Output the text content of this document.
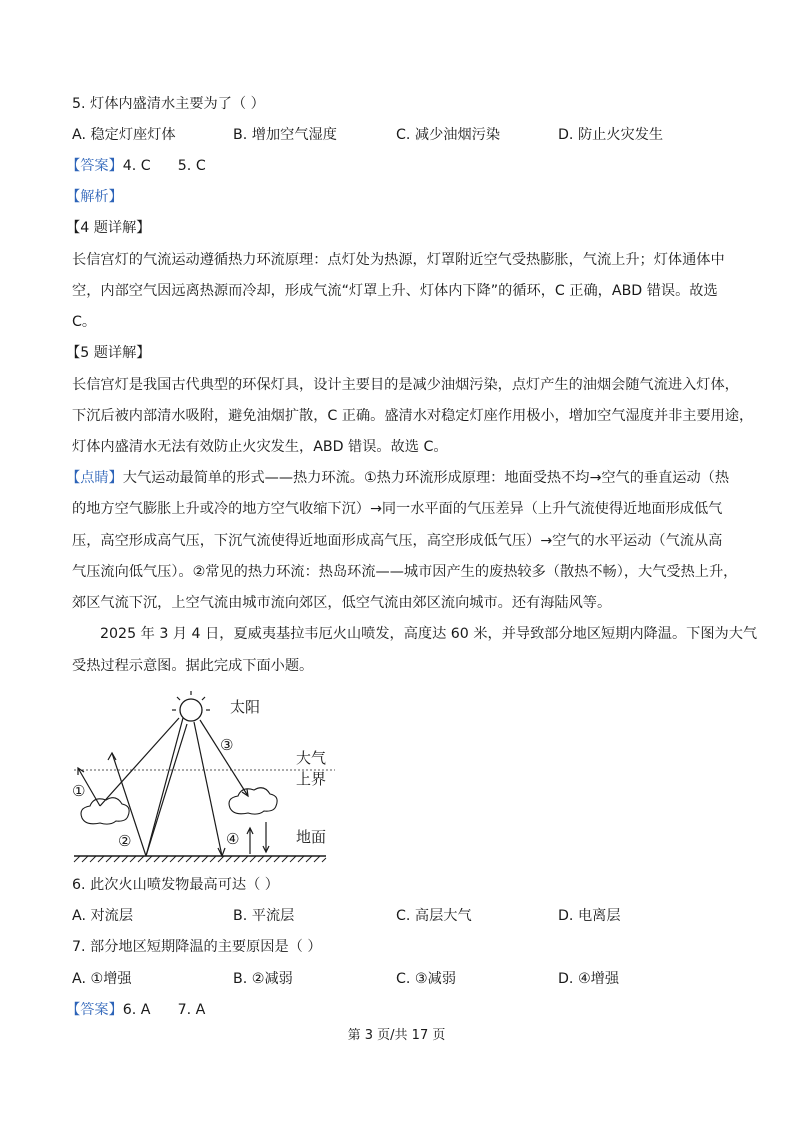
5. 灯体内盛清水主要为了（ ）
A. 稳定灯座灯体	B. 增加空气湿度	C. 减少油烟污染	D. 防止火灾发生
【答案】4. C      5. C
【解析】
【4 题详解】
长信宫灯的气流运动遵循热力环流原理：点灯处为热源，灯罩附近空气受热膨胀，气流上升；灯体通体中
空，内部空气因远离热源而冷却，形成气流“灯罩上升、灯体内下降”的循环，C 正确，ABD 错误。故选
C。
【5 题详解】
长信宫灯是我国古代典型的环保灯具，设计主要目的是减少油烟污染，点灯产生的油烟会随气流进入灯体，
下沉后被内部清水吸附，避免油烟扩散，C 正确。盛清水对稳定灯座作用极小，增加空气湿度并非主要用途，
灯体内盛清水无法有效防止火灾发生，ABD 错误。故选 C。
【点睛】大气运动最简单的形式——热力环流。①热力环流形成原理：地面受热不均→空气的垂直运动（热
的地方空气膨胀上升或冷的地方空气收缩下沉）→同一水平面的气压差异（上升气流使得近地面形成低气
压，高空形成高气压，下沉气流使得近地面形成高气压，高空形成低气压）→空气的水平运动（气流从高
气压流向低气压）。②常见的热力环流：热岛环流——城市因产生的废热较多（散热不畅），大气受热上升，
郊区气流下沉，上空气流由城市流向郊区，低空气流由郊区流向城市。还有海陆风等。
2025 年 3 月 4 日，夏威夷基拉韦厄火山喷发，高度达 60 米，并导致部分地区短期内降温。下图为大气
受热过程示意图。据此完成下面小题。
太阳
大气
上界
地面
①
②
③
④
6. 此次火山喷发物最高可达（ ）
A. 对流层	B. 平流层	C. 高层大气	D. 电离层
7. 部分地区短期降温的主要原因是（ ）
A. ①增强	B. ②减弱	C. ③减弱	D. ④增强
【答案】6. A      7. A
第 3 页/共 17 页
